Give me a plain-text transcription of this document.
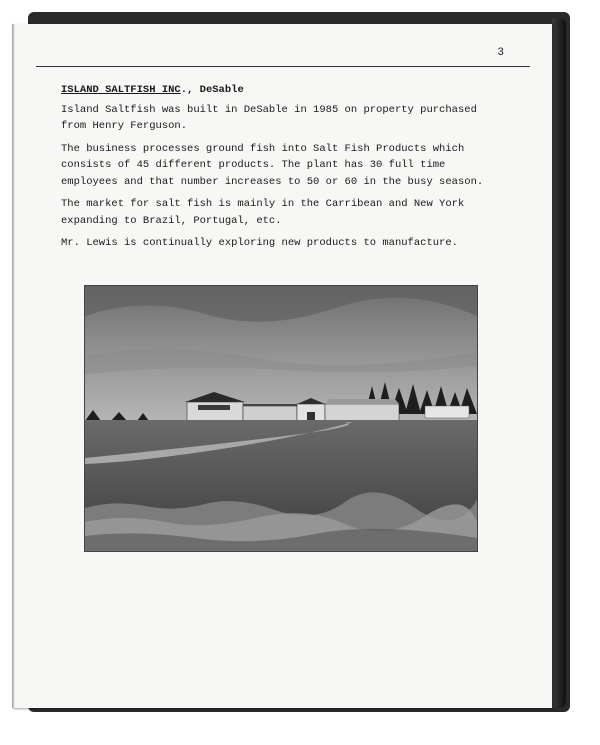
3
ISLAND SALTFISH INC., DeSable

Island Saltfish was built in DeSable in 1985 on property purchased
from Henry Ferguson.

The business processes ground fish into Salt Fish Products which
consists of 45 different products. The plant has 30 full time
employees and that number increases to 50 or 60 in the busy season.

The market for salt fish is mainly in the Carribean and New York
expanding to Brazil, Portugal, etc.

Mr. Lewis is continually exploring new products to manufacture.
